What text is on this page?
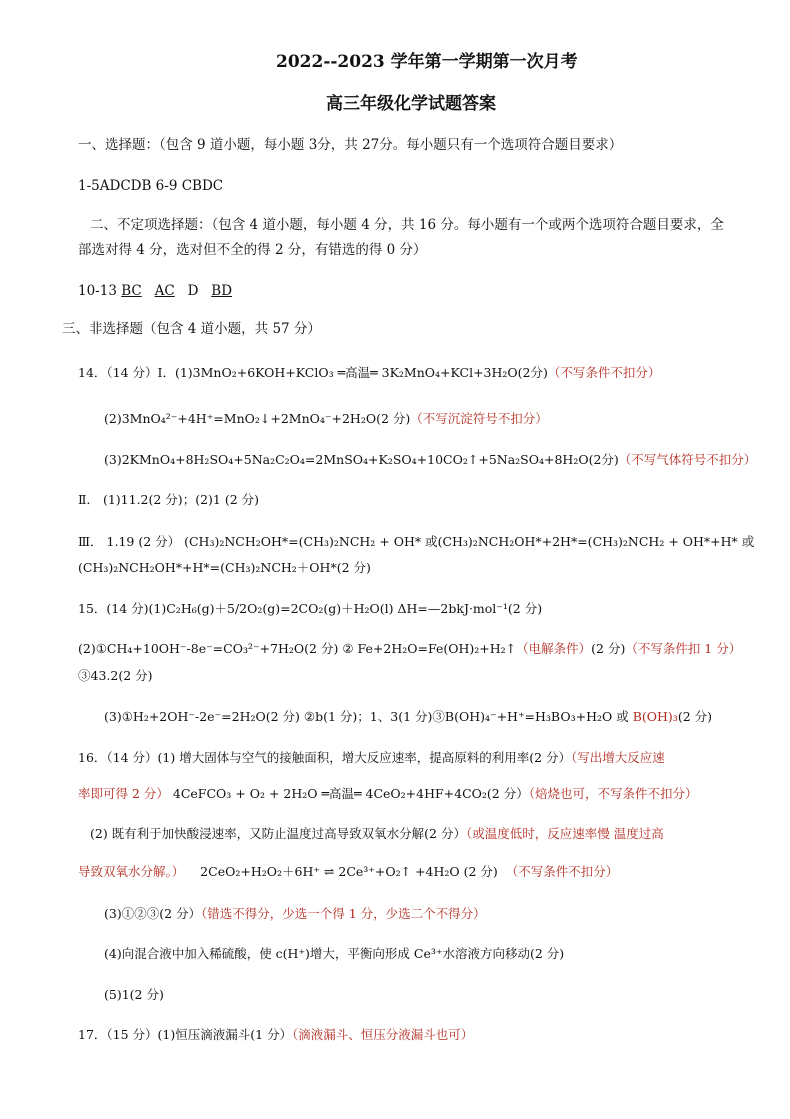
2022--2023 学年第一学期第一次月考
高三年级化学试题答案
一、选择题：（包含 9 道小题，每小题 3分，共 27分。每小题只有一个选项符合题目要求）
1-5ADCDB 6-9 CBDC
二、不定项选择题：（包含 4 道小题，每小题 4 分，共 16 分。每小题有一个或两个选项符合题目要求，全
部选对得 4 分，选对但不全的得 2 分，有错选的得 0 分）
10-13 BC AC D BD
三、非选择题（包含 4 道小题，共 57 分）
14．（14 分）Ⅰ．(1)3MnO₂+6KOH+KClO₃ ═高温═ 3K₂MnO₄+KCl+3H₂O(2分)（不写条件不扣分）
(2)3MnO₄²⁻+4H⁺=MnO₂↓+2MnO₄⁻+2H₂O(2 分)（不写沉淀符号不扣分）
(3)2KMnO₄+8H₂SO₄+5Na₂C₂O₄=2MnSO₄+K₂SO₄+10CO₂↑+5Na₂SO₄+8H₂O(2分)（不写气体符号不扣分）
Ⅱ． (1)11.2(2 分)；(2)1 (2 分)
Ⅲ． 1.19 (2 分） (CH₃)₂NCH₂OH*=(CH₃)₂NCH₂ + OH* 或(CH₃)₂NCH₂OH*+2H*=(CH₃)₂NCH₂ + OH*+H* 或
(CH₃)₂NCH₂OH*+H*=(CH₃)₂NCH₂＋OH*(2 分)
15．(14 分)(1)C₂H₆(g)＋5/2O₂(g)=2CO₂(g)＋H₂O(l) ΔH=—2bkJ·mol⁻¹(2 分)
(2)①CH₄+10OH⁻-8e⁻=CO₃²⁻+7H₂O(2 分) ② Fe+2H₂O=Fe(OH)₂+H₂↑（电解条件）(2 分)（不写条件扣 1 分）
③43.2(2 分)
(3)①H₂+2OH⁻-2e⁻=2H₂O(2 分) ②b(1 分)；1、3(1 分)③B(OH)₄⁻+H⁺=H₃BO₃+H₂O 或 B(OH)₃(2 分)
16．（14 分）(1) 增大固体与空气的接触面积，增大反应速率，提高原料的利用率(2 分）（写出增大反应速
率即可得 2 分） 4CeFCO₃ + O₂ + 2H₂O ═高温═ 4CeO₂+4HF+4CO₂(2 分）（焙烧也可，不写条件不扣分）
(2) 既有利于加快酸浸速率，又防止温度过高导致双氧水分解(2 分）（或温度低时，反应速率慢 温度过高
导致双氧水分解。） 2CeO₂+H₂O₂＋6H⁺ ⇌ 2Ce³⁺+O₂↑ +4H₂O (2 分) （不写条件不扣分）
(3)①②③(2 分）（错选不得分，少选一个得 1 分，少选二个不得分）
(4)向混合液中加入稀硫酸，使 c(H⁺)增大，平衡向形成 Ce³⁺水溶液方向移动(2 分)
(5)1(2 分)
17．（15 分）(1)恒压滴液漏斗(1 分）（滴液漏斗、恒压分液漏斗也可）
